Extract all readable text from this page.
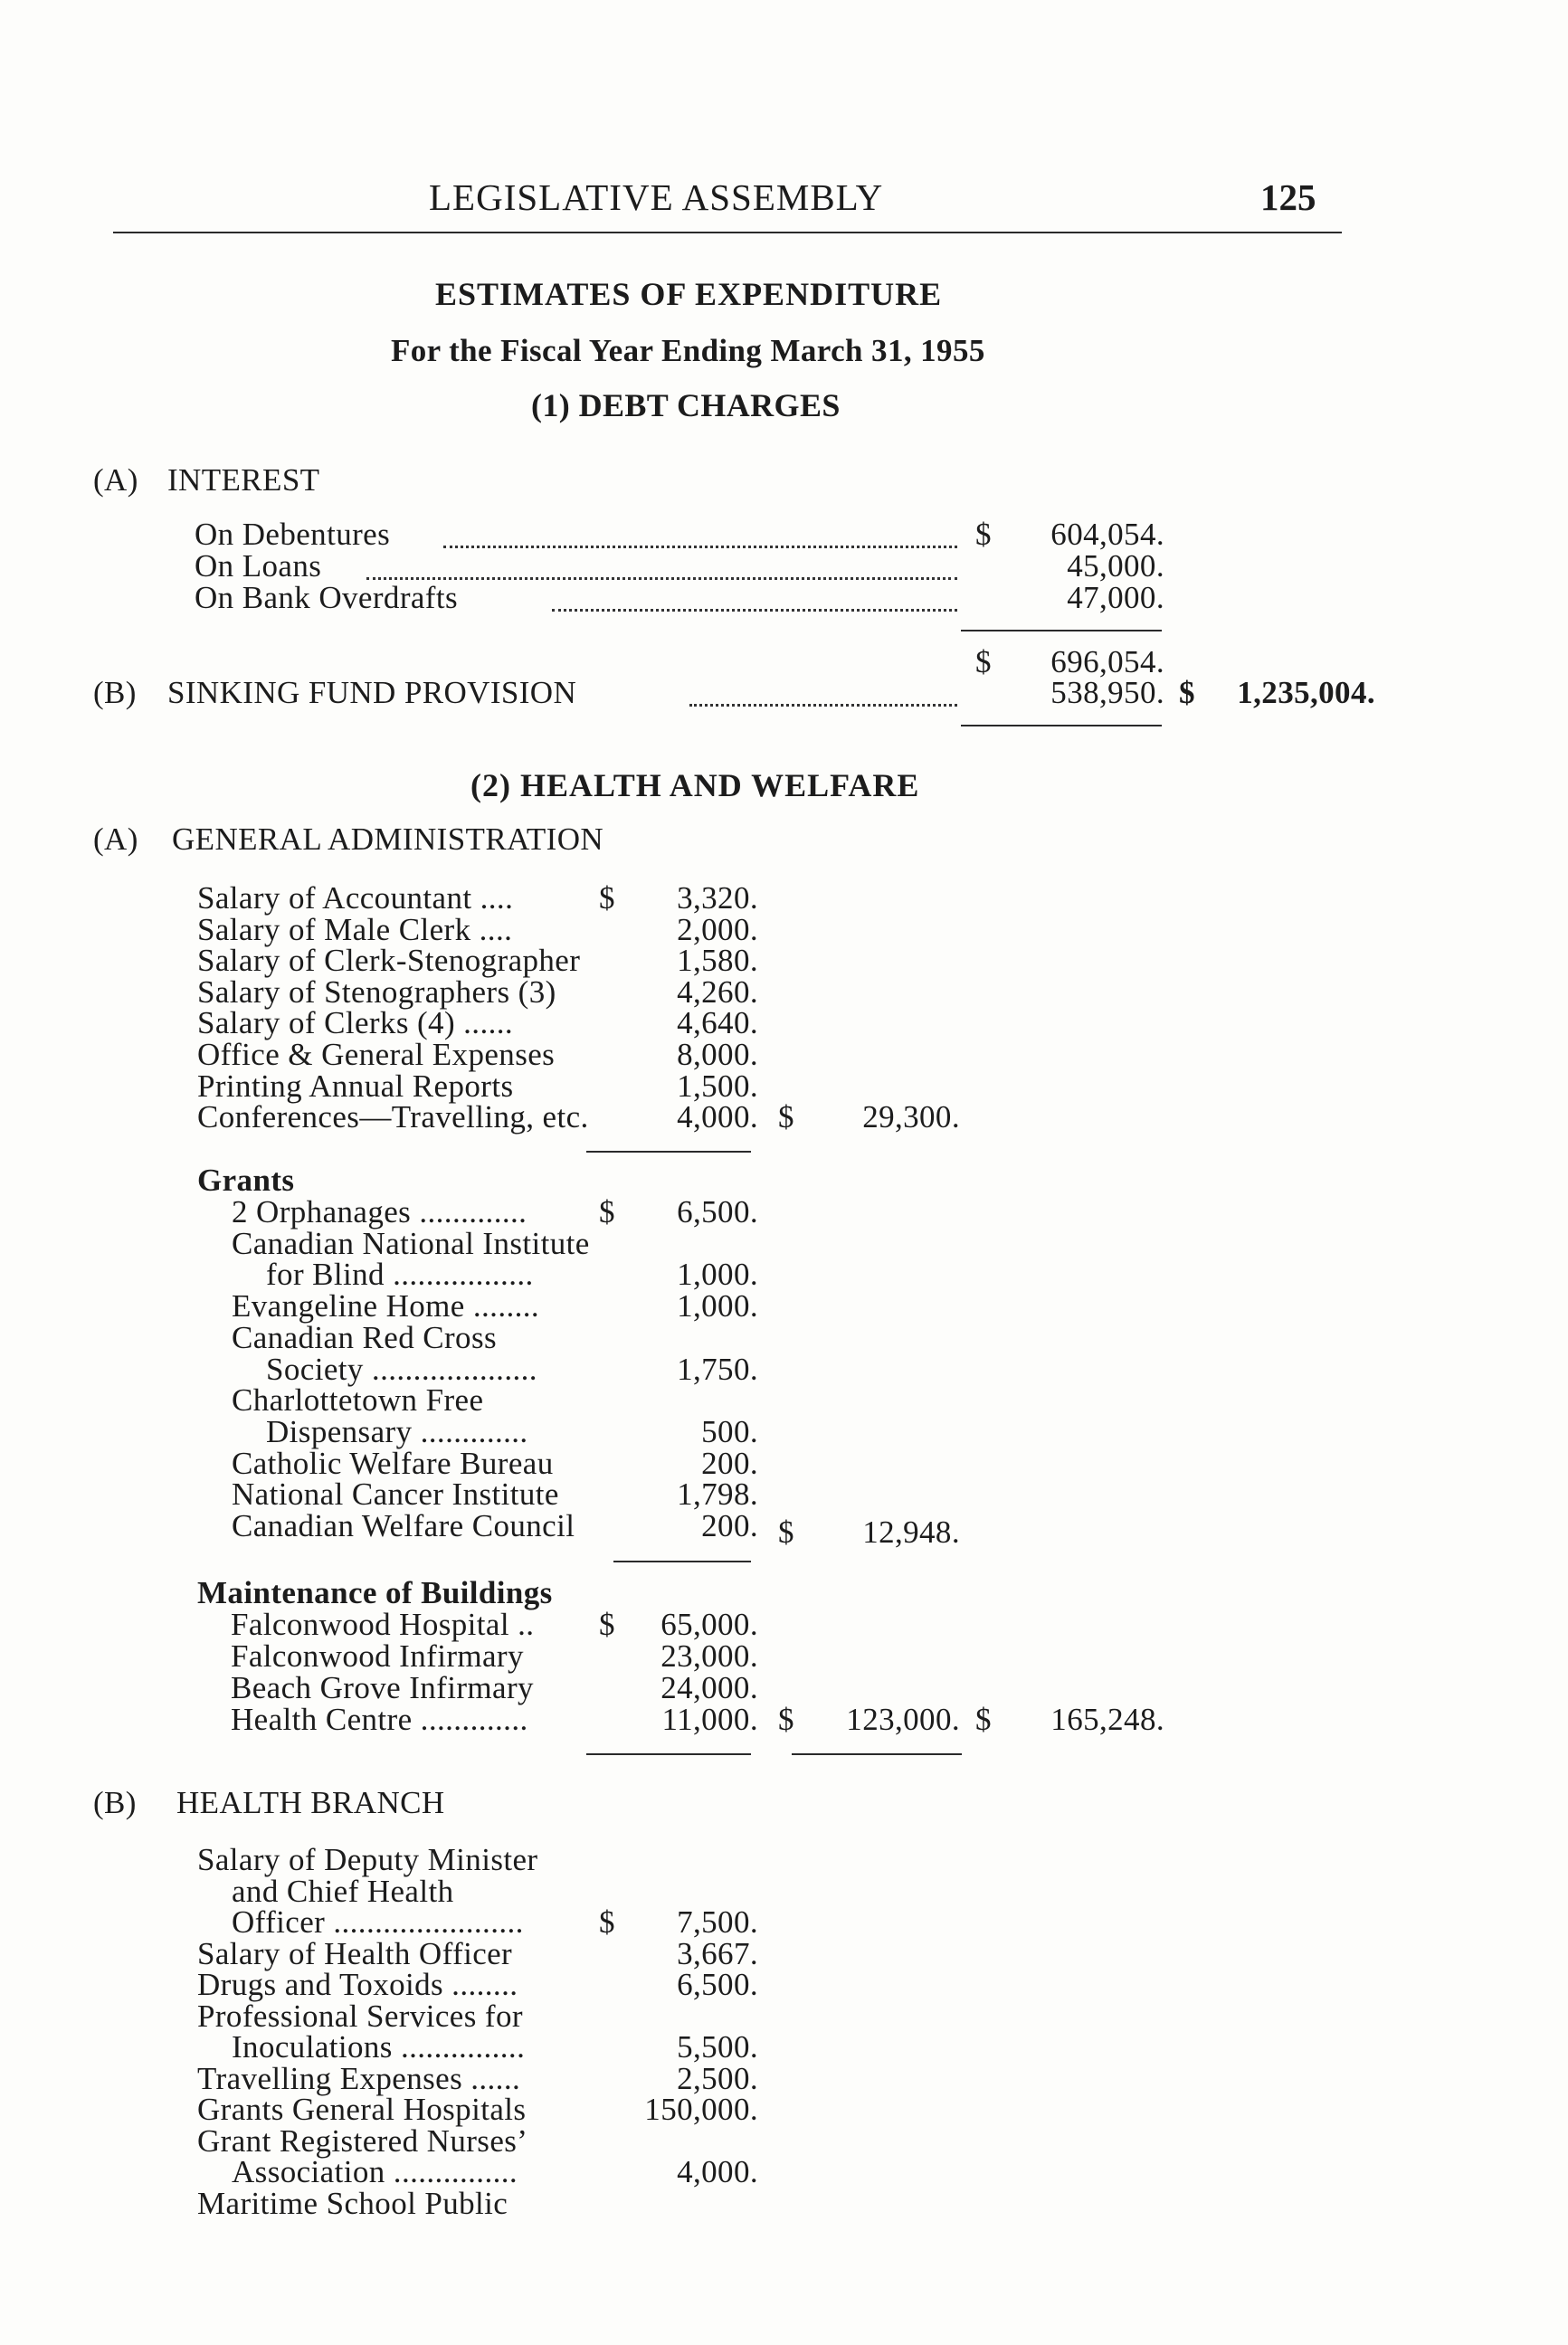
LEGISLATIVE ASSEMBLY	125
ESTIMATES OF EXPENDITURE
For the Fiscal Year Ending March 31, 1955
(1) DEBT CHARGES
(A) INTEREST
On Debentures	$ 604,054.
On Loans	45,000.
On Bank Overdrafts	47,000.
$ 696,054.
(B) SINKING FUND PROVISION	538,950. $ 1,235,004.
(2) HEALTH AND WELFARE
(A) GENERAL ADMINISTRATION
Salary of Accountant ....	$ 3,320.
Salary of Male Clerk ....	2,000.
Salary of Clerk-Stenographer	1,580.
Salary of Stenographers (3)	4,260.
Salary of Clerks (4) ......	4,640.
Office & General Expenses	8,000.
Printing Annual Reports	1,500.
Conferences—Travelling, etc.	4,000. $ 29,300.
Grants
2 Orphanages ............. $ 6,500.
Canadian National Institute
for Blind .................	1,000.
Evangeline Home ........	1,000.
Canadian Red Cross
Society ....................	1,750.
Charlottetown Free
Dispensary .............	500.
Catholic Welfare Bureau	200.
National Cancer Institute	1,798.
Canadian Welfare Council	200. $ 12,948.
Maintenance of Buildings
Falconwood Hospital .. $ 65,000.
Falconwood Infirmary	23,000.
Beach Grove Infirmary	24,000.
Health Centre .............	11,000. $ 123,000. $ 165,248.
(B) HEALTH BRANCH
Salary of Deputy Minister
and Chief Health
Officer ....................... $ 7,500.
Salary of Health Officer	3,667.
Drugs and Toxoids ........	6,500.
Professional Services for
Inoculations ...............	5,500.
Travelling Expenses ......	2,500.
Grants General Hospitals	150,000.
Grant Registered Nurses’
Association ...............	4,000.
Maritime School Public
